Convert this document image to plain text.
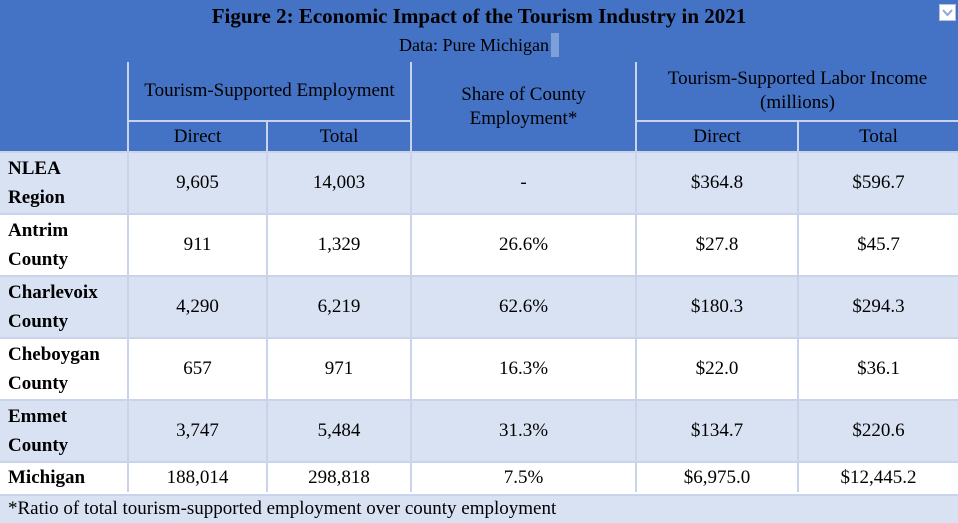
Figure 2: Economic Impact of the Tourism Industry in 2021
Data: Pure Michigan
	Tourism-Supported Employment		Share of County Employment*	Tourism-Supported Labor Income (millions)	
	Direct	Total		Direct	Total
NLEA
Region	9,605	14,003	-	$364.8	$596.7
Antrim
County	911	1,329	26.6%	$27.8	$45.7
Charlevoix
County	4,290	6,219	62.6%	$180.3	$294.3
Cheboygan
County	657	971	16.3%	$22.0	$36.1
Emmet
County	3,747	5,484	31.3%	$134.7	$220.6
Michigan	188,014	298,818	7.5%	$6,975.0	$12,445.2
*Ratio of total tourism-supported employment over county employment
